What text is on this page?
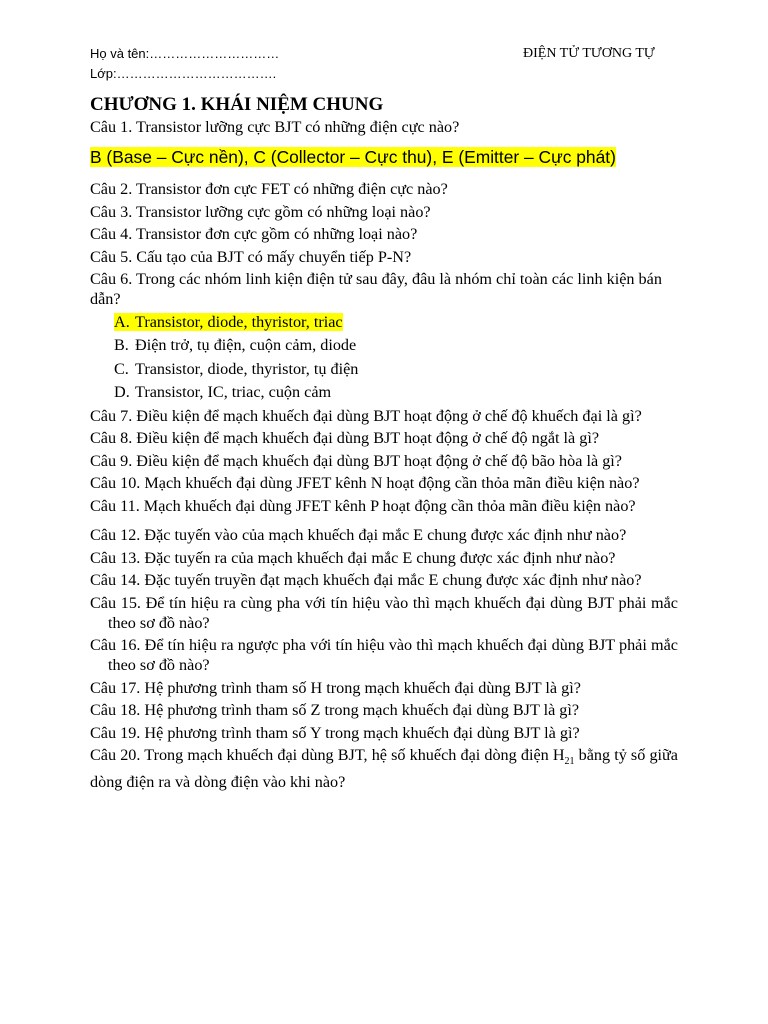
Họ và tên:…………………………
Lớp:……………………………….
ĐIỆN TỬ TƯƠNG TỰ
CHƯƠNG 1. KHÁI NIỆM CHUNG

Câu 1. Transistor lưỡng cực BJT có những điện cực nào?

B (Base – Cực nền), C (Collector – Cực thu), E (Emitter – Cực phát)

Câu 2. Transistor đơn cực FET có những điện cực nào?

Câu 3. Transistor lưỡng cực gồm có những loại nào?

Câu 4. Transistor đơn cực gồm có những loại nào?

Câu 5. Cấu tạo của BJT có mấy chuyển tiếp P-N?

Câu 6. Trong các nhóm linh kiện điện tử sau đây, đâu là nhóm chỉ toàn các linh kiện bán dẫn?

A. Transistor, diode, thyristor, triac
B. Điện trở, tụ điện, cuộn cảm, diode
C. Transistor, diode, thyristor, tụ điện
D. Transistor, IC, triac, cuộn cảm

Câu 7. Điều kiện để mạch khuếch đại dùng BJT hoạt động ở chế độ khuếch đại là gì?

Câu 8. Điều kiện để mạch khuếch đại dùng BJT hoạt động ở chế độ ngắt là gì?

Câu 9. Điều kiện để mạch khuếch đại dùng BJT hoạt động ở chế độ bão hòa là gì?

Câu 10. Mạch khuếch đại dùng JFET kênh N hoạt động cần thỏa mãn điều kiện nào?

Câu 11. Mạch khuếch đại dùng JFET kênh P hoạt động cần thỏa mãn điều kiện nào?

Câu 12. Đặc tuyến vào của mạch khuếch đại mắc E chung được xác định như nào?

Câu 13. Đặc tuyến ra của mạch khuếch đại mắc E chung được xác định như nào?

Câu 14. Đặc tuyến truyền đạt mạch khuếch đại mắc E chung được xác định như nào?

Câu 15. Để tín hiệu ra cùng pha với tín hiệu vào thì mạch khuếch đại dùng BJT phải mắc theo sơ đồ nào?

Câu 16. Để tín hiệu ra ngược pha với tín hiệu vào thì mạch khuếch đại dùng BJT phải mắc theo sơ đồ nào?

Câu 17. Hệ phương trình tham số H trong mạch khuếch đại dùng BJT là gì?

Câu 18. Hệ phương trình tham số Z trong mạch khuếch đại dùng BJT là gì?

Câu 19. Hệ phương trình tham số Y trong mạch khuếch đại dùng BJT là gì?

Câu 20. Trong mạch khuếch đại dùng BJT, hệ số khuếch đại dòng điện $H_{21}$ bằng tỷ số giữa dòng điện ra và dòng điện vào khi nào?
